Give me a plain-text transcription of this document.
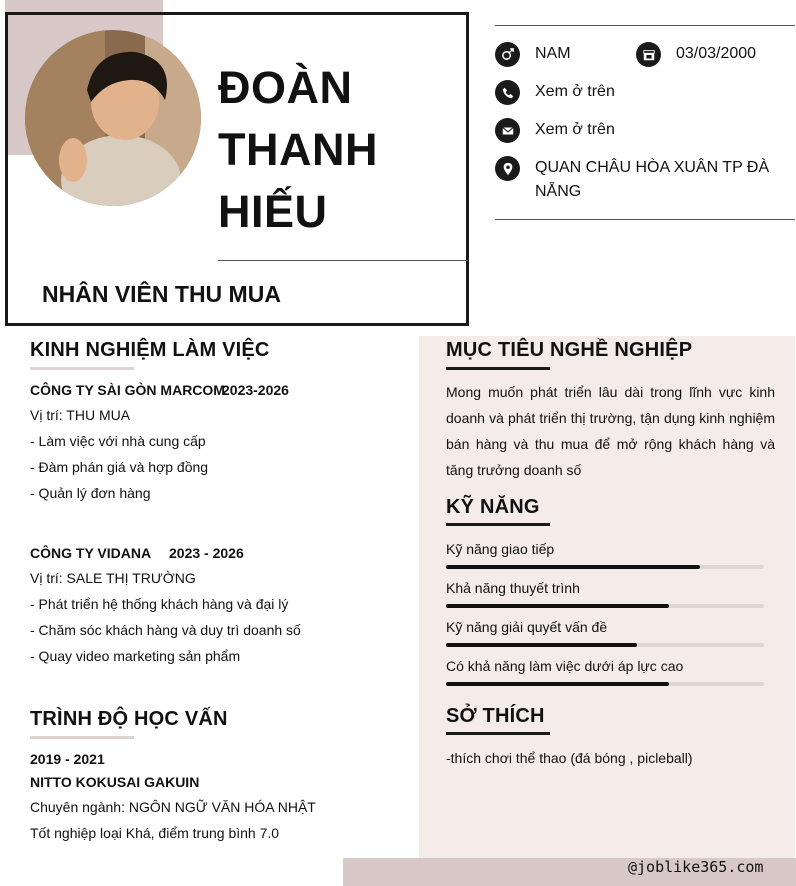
ĐOÀN
THANH
HIẾU
NHÂN VIÊN THU MUA
NAM	03/03/2000
Xem ở trên
Xem ở trên
QUAN CHÂU HÒA XUÂN TP ĐÀ NẴNG
KINH NGHIỆM LÀM VIỆC
CÔNG TY SÀI GÒN MARCOM
2023-2026
Vị trí: THU MUA
- Làm việc với nhà cung cấp
- Đàm phán giá và hợp đồng
- Quản lý đơn hàng
CÔNG TY VIDANA 2023 - 2026
Vị trí: SALE THỊ TRƯỜNG
- Phát triển hệ thống khách hàng và đại lý
- Chăm sóc khách hàng và duy trì doanh số
- Quay video marketing sản phẩm
TRÌNH ĐỘ HỌC VẤN
2019 - 2021
NITTO KOKUSAI GAKUIN
Chuyên ngành: NGÔN NGỮ VĂN HÓA NHẬT
Tốt nghiệp loại Khá, điểm trung bình 7.0
MỤC TIÊU NGHỀ NGHIỆP
Mong muốn phát triển lâu dài trong lĩnh vực kinh doanh và phát triển thị trường, tận dụng kinh nghiệm bán hàng và thu mua để mở rộng khách hàng và tăng trưởng doanh số
KỸ NĂNG
Kỹ năng giao tiếp
Khả năng thuyết trình
Kỹ năng giải quyết vấn đề
Có khả năng làm việc dưới áp lực cao
SỞ THÍCH
-thích chơi thể thao (đá bóng , picleball)
@joblike365.com
